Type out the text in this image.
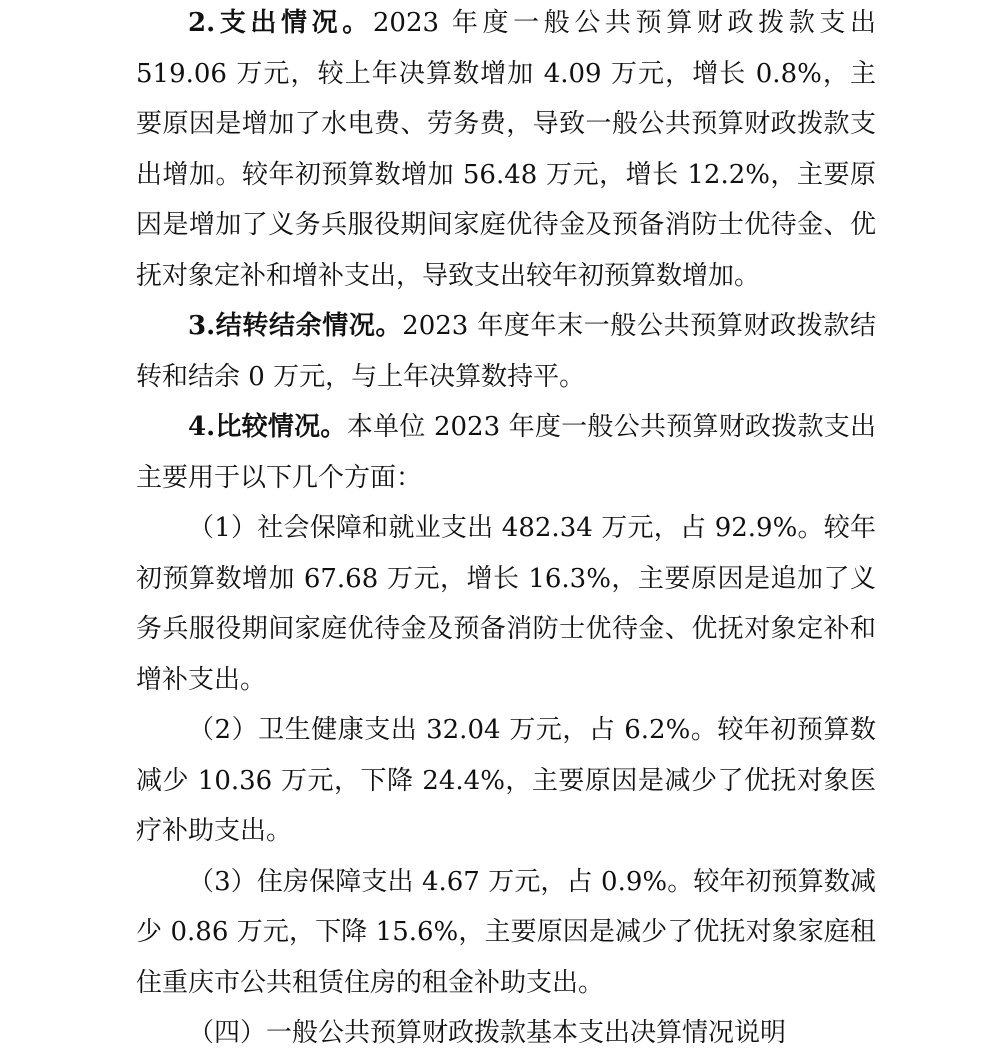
2.支出情况。2023 年度一般公共预算财政拨款支出 519.06 万元，较上年决算数增加 4.09 万元，增长 0.8%，主要原因是增加了水电费、劳务费，导致一般公共预算财政拨款支出增加。较年初预算数增加 56.48 万元，增长 12.2%，主要原因是增加了义务兵服役期间家庭优待金及预备消防士优待金、优抚对象定补和增补支出，导致支出较年初预算数增加。

3.结转结余情况。2023 年度年末一般公共预算财政拨款结转和结余 0 万元，与上年决算数持平。

4.比较情况。本单位 2023 年度一般公共预算财政拨款支出主要用于以下几个方面：

（1）社会保障和就业支出 482.34 万元，占 92.9%。较年初预算数增加 67.68 万元，增长 16.3%，主要原因是追加了义务兵服役期间家庭优待金及预备消防士优待金、优抚对象定补和增补支出。

（2）卫生健康支出 32.04 万元，占 6.2%。较年初预算数减少 10.36 万元，下降 24.4%，主要原因是减少了优抚对象医疗补助支出。

（3）住房保障支出 4.67 万元，占 0.9%。较年初预算数减少 0.86 万元，下降 15.6%，主要原因是减少了优抚对象家庭租住重庆市公共租赁住房的租金补助支出。

（四）一般公共预算财政拨款基本支出决算情况说明
